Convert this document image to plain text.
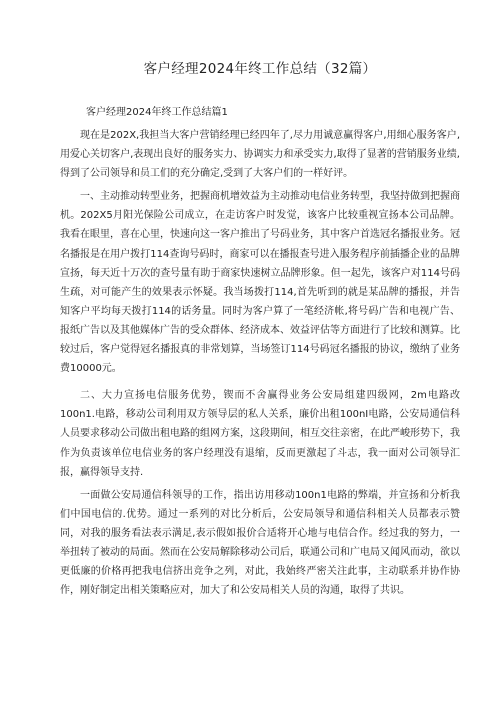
客户经理2024年终工作总结（32篇）
客户经理2024年终工作总结篇1

现在是202X,我担当大客户营销经理已经四年了,尽力用诚意赢得客户,用细心服务客户,用爱心关切客户,表现出良好的服务实力、协调实力和承受实力,取得了显著的营销服务业绩,得到了公司领导和员工们的充分确定,受到了大客户们的一样好评。

一、主动推动转型业务，把握商机增效益为主动推动电信业务转型，我坚持做到把握商机。202X5月阳光保险公司成立，在走访客户时发觉，该客户比较重视宣扬本公司品牌。我看在眼里，喜在心里，快速向这一客户推出了号码业务，其中客户首选冠名播报业务。冠名播报是在用户拨打114查询号码时，商家可以在播报查号进入服务程序前插播企业的品牌宣扬，每天近十万次的查号量有助于商家快速树立品牌形象。但一起先，该客户对114号码生疏，对可能产生的效果表示怀疑。我当场拨打114,首先听到的就是某品牌的播报，并告知客户平均每天拨打114的话务量。同时为客户算了一笔经济帐,将号码广告和电视广告、报纸广告以及其他媒体广告的受众群体、经济成本、效益评估等方面进行了比较和测算。比较过后，客户觉得冠名播报真的非常划算，当场签订114号码冠名播报的协议，缴纳了业务费10000元。

二、大力宣扬电信服务优势，锲而不舍赢得业务公安局组建四级网，2m电路改100n1.电路，移动公司利用双方领导层的私人关系，廉价出租100nI电路，公安局通信科人员要求移动公司做出租电路的组网方案，这段期间，相互交往亲密，在此严峻形势下，我作为负责该单位电信业务的客户经理没有退缩，反而更激起了斗志，我一面对公司领导汇报，赢得领导支持.

一面做公安局通信科领导的工作，指出访用移动100n1电路的弊端，并宣扬和分析我们中国电信的.优势。通过一系列的对比分析后，公安局领导和通信科相关人员都表示赞同，对我的服务看法表示满足,表示假如报价合适将开心地与电信合作。经过我的努力，一举扭转了被动的局面。然而在公安局解除移动公司后，联通公司和广电局又闻风而动，欲以更低廉的价格再把我电信挤出竞争之列，对此，我始终严密关注此事，主动联系并协作协作，刚好制定出相关策略应对，加大了和公安局相关人员的沟通，取得了共识。
